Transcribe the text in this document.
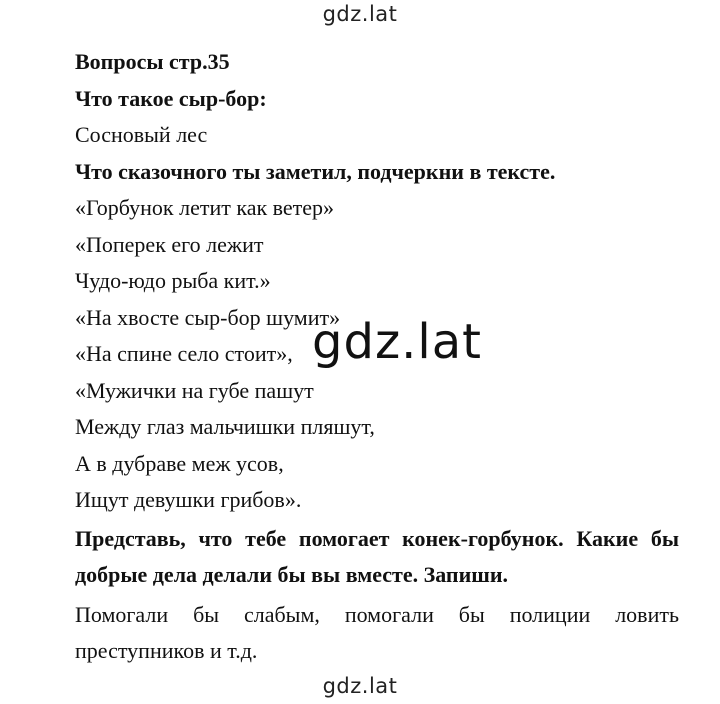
gdz.lat
Вопросы стр.35
Что такое сыр-бор:
Сосновый лес
Что сказочного ты заметил, подчеркни в тексте.
«Горбунок летит как ветер»
«Поперек его лежит
Чудо-юдо рыба кит.»
«На хвосте сыр-бор шумит»
«На спине село стоит»,
«Мужички на губе пашут
Между глаз мальчишки пляшут,
А в дубраве меж усов,
Ищут девушки грибов».
Представь, что тебе помогает конек-горбунок. Какие бы добрые дела делали бы вы вместе. Запиши.
Помогали бы слабым, помогали бы полиции ловить преступников и т.д.
gdz.lat
gdz.lat
